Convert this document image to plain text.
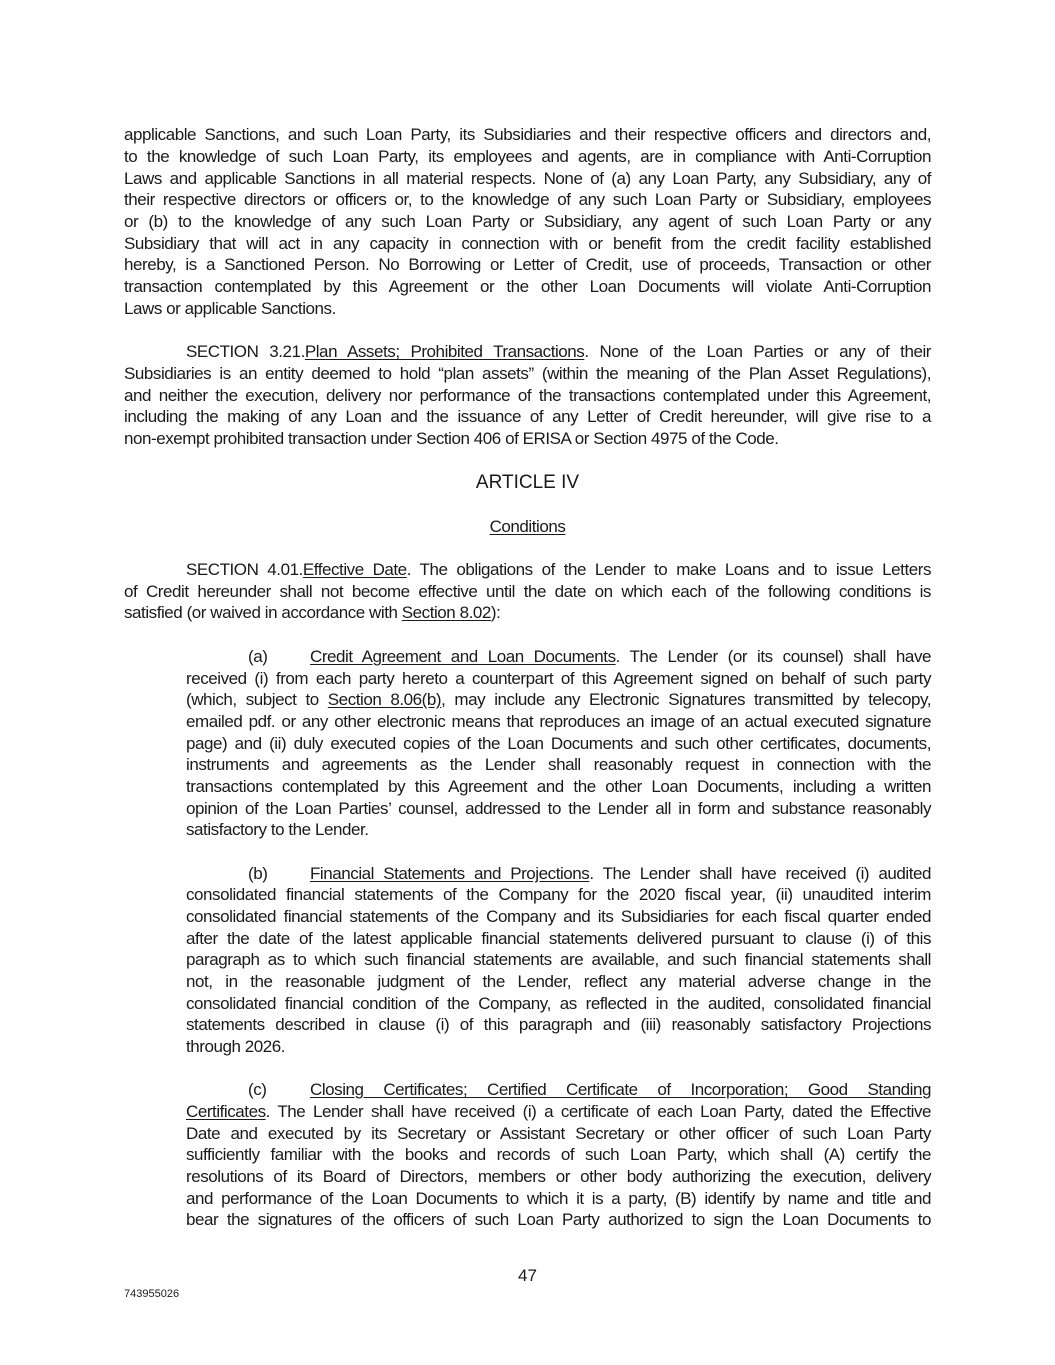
applicable Sanctions, and such Loan Party, its Subsidiaries and their respective officers and directors and,
to the knowledge of such Loan Party, its employees and agents, are in compliance with Anti-Corruption
Laws and applicable Sanctions in all material respects. None of (a) any Loan Party, any Subsidiary, any of
their respective directors or officers or, to the knowledge of any such Loan Party or Subsidiary, employees
or (b) to the knowledge of any such Loan Party or Subsidiary, any agent of such Loan Party or any
Subsidiary that will act in any capacity in connection with or benefit from the credit facility established
hereby, is a Sanctioned Person. No Borrowing or Letter of Credit, use of proceeds, Transaction or other
transaction contemplated by this Agreement or the other Loan Documents will violate Anti-Corruption
Laws or applicable Sanctions.
SECTION 3.21.Plan Assets; Prohibited Transactions. None of the Loan Parties or any of their
Subsidiaries is an entity deemed to hold “plan assets” (within the meaning of the Plan Asset Regulations),
and neither the execution, delivery nor performance of the transactions contemplated under this Agreement,
including the making of any Loan and the issuance of any Letter of Credit hereunder, will give rise to a
non-exempt prohibited transaction under Section 406 of ERISA or Section 4975 of the Code.
ARTICLE IV
Conditions
SECTION 4.01.Effective Date. The obligations of the Lender to make Loans and to issue Letters
of Credit hereunder shall not become effective until the date on which each of the following conditions is
satisfied (or waived in accordance with Section 8.02):
(a)	Credit Agreement and Loan Documents. The Lender (or its counsel) shall have
received (i) from each party hereto a counterpart of this Agreement signed on behalf of such party
(which, subject to Section 8.06(b), may include any Electronic Signatures transmitted by telecopy,
emailed pdf. or any other electronic means that reproduces an image of an actual executed signature
page) and (ii) duly executed copies of the Loan Documents and such other certificates, documents,
instruments and agreements as the Lender shall reasonably request in connection with the
transactions contemplated by this Agreement and the other Loan Documents, including a written
opinion of the Loan Parties’ counsel, addressed to the Lender all in form and substance reasonably
satisfactory to the Lender.
(b)	Financial Statements and Projections. The Lender shall have received (i) audited
consolidated financial statements of the Company for the 2020 fiscal year, (ii) unaudited interim
consolidated financial statements of the Company and its Subsidiaries for each fiscal quarter ended
after the date of the latest applicable financial statements delivered pursuant to clause (i) of this
paragraph as to which such financial statements are available, and such financial statements shall
not, in the reasonable judgment of the Lender, reflect any material adverse change in the
consolidated financial condition of the Company, as reflected in the audited, consolidated financial
statements described in clause (i) of this paragraph and (iii) reasonably satisfactory Projections
through 2026.
(c)	Closing Certificates; Certified Certificate of Incorporation; Good Standing
Certificates. The Lender shall have received (i) a certificate of each Loan Party, dated the Effective
Date and executed by its Secretary or Assistant Secretary or other officer of such Loan Party
sufficiently familiar with the books and records of such Loan Party, which shall (A) certify the
resolutions of its Board of Directors, members or other body authorizing the execution, delivery
and performance of the Loan Documents to which it is a party, (B) identify by name and title and
bear the signatures of the officers of such Loan Party authorized to sign the Loan Documents to
47
743955026
